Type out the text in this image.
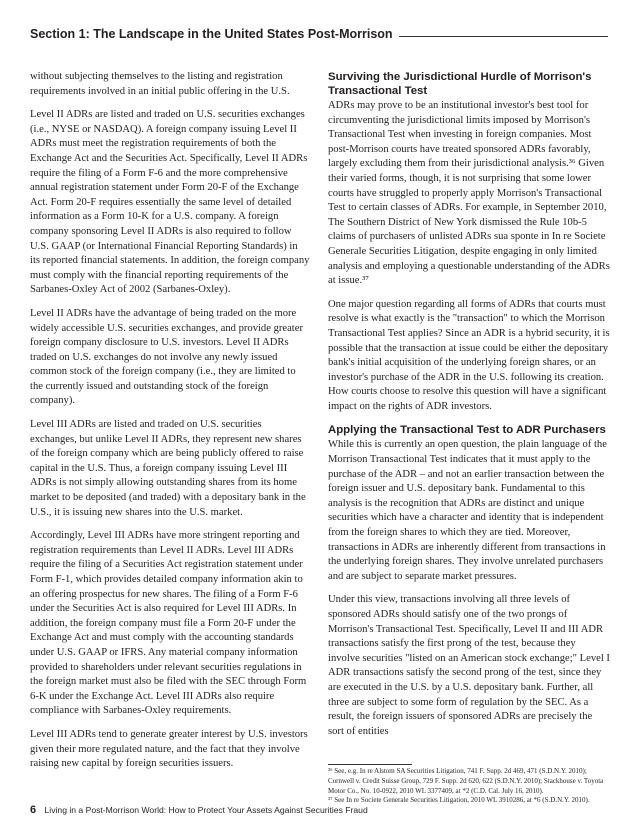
Section 1: The Landscape in the United States Post-Morrison

without subjecting themselves to the listing and registration requirements involved in an initial public offering in the U.S.

Level II ADRs are listed and traded on U.S. securities exchanges (i.e., NYSE or NASDAQ). A foreign company issuing Level II ADRs must meet the registration requirements of both the Exchange Act and the Securities Act. Specifically, Level II ADRs require the filing of a Form F-6 and the more comprehensive annual registration statement under Form 20-F of the Exchange Act. Form 20-F requires essentially the same level of detailed information as a Form 10-K for a U.S. company. A foreign company sponsoring Level II ADRs is also required to follow U.S. GAAP (or International Financial Reporting Standards) in its reported financial statements. In addition, the foreign company must comply with the financial reporting requirements of the Sarbanes-Oxley Act of 2002 (Sarbanes-Oxley).

Level II ADRs have the advantage of being traded on the more widely accessible U.S. securities exchanges, and provide greater foreign company disclosure to U.S. investors. Level II ADRs traded on U.S. exchanges do not involve any newly issued common stock of the foreign company (i.e., they are limited to the currently issued and outstanding stock of the foreign company).

Level III ADRs are listed and traded on U.S. securities exchanges, but unlike Level II ADRs, they represent new shares of the foreign company which are being publicly offered to raise capital in the U.S. Thus, a foreign company issuing Level III ADRs is not simply allowing outstanding shares from its home market to be deposited (and traded) with a depositary bank in the U.S., it is issuing new shares into the U.S. market.

Accordingly, Level III ADRs have more stringent reporting and registration requirements than Level II ADRs. Level III ADRs require the filing of a Securities Act registration statement under Form F-1, which provides detailed company information akin to an offering prospectus for new shares. The filing of a Form F-6 under the Securities Act is also required for Level III ADRs. In addition, the foreign company must file a Form 20-F under the Exchange Act and must comply with the accounting standards under U.S. GAAP or IFRS. Any material company information provided to shareholders under relevant securities regulations in the foreign market must also be filed with the SEC through Form 6-K under the Exchange Act. Level III ADRs also require compliance with Sarbanes-Oxley requirements.

Level III ADRs tend to generate greater interest by U.S. investors given their more regulated nature, and the fact that they involve raising new capital by foreign securities issuers.

Surviving the Jurisdictional Hurdle of Morrison's Transactional Test

ADRs may prove to be an institutional investor's best tool for circumventing the jurisdictional limits imposed by Morrison's Transactional Test when investing in foreign companies. Most post-Morrison courts have treated sponsored ADRs favorably, largely excluding them from their jurisdictional analysis.³⁶ Given their varied forms, though, it is not surprising that some lower courts have struggled to properly apply Morrison's Transactional Test to certain classes of ADRs. For example, in September 2010, The Southern District of New York dismissed the Rule 10b-5 claims of purchasers of unlisted ADRs sua sponte in In re Societe Generale Securities Litigation, despite engaging in only limited analysis and employing a questionable understanding of the ADRs at issue.³⁷

One major question regarding all forms of ADRs that courts must resolve is what exactly is the "transaction" to which the Morrison Transactional Test applies? Since an ADR is a hybrid security, it is possible that the transaction at issue could be either the depositary bank's initial acquisition of the underlying foreign shares, or an investor's purchase of the ADR in the U.S. following its creation. How courts choose to resolve this question will have a significant impact on the rights of ADR investors.

Applying the Transactional Test to ADR Purchasers

While this is currently an open question, the plain language of the Morrison Transactional Test indicates that it must apply to the purchase of the ADR – and not an earlier transaction between the foreign issuer and U.S. depositary bank. Fundamental to this analysis is the recognition that ADRs are distinct and unique securities which have a character and identity that is independent from the foreign shares to which they are tied. Moreover, transactions in ADRs are inherently different from transactions in the underlying foreign shares. They involve unrelated purchasers and are subject to separate market pressures.

Under this view, transactions involving all three levels of sponsored ADRs should satisfy one of the two prongs of Morrison's Transactional Test. Specifically, Level II and III ADR transactions satisfy the first prong of the test, because they involve securities "listed on an American stock exchange;" Level I ADR transactions satisfy the second prong of the test, since they are executed in the U.S. by a U.S. depositary bank. Further, all three are subject to some form of regulation by the SEC. As a result, the foreign issuers of sponsored ADRs are precisely the sort of entities

³⁶ See, e.g. In re Alstom SA Securities Litigation, 741 F. Supp. 2d 469, 471 (S.D.N.Y. 2010); Cornwell v. Credit Suisse Group, 729 F. Supp. 2d 620, 622 (S.D.N.Y. 2010); Stackhouse v. Toyota Motor Co., No. 10-0922, 2010 WL 3377409, at *2 (C.D. Cal. July 16, 2010).

³⁷ See In re Societe Generale Securities Litigation, 2010 WL 3910286, at *6 (S.D.N.Y. 2010).

6 Living in a Post-Morrison World: How to Protect Your Assets Against Securities Fraud
